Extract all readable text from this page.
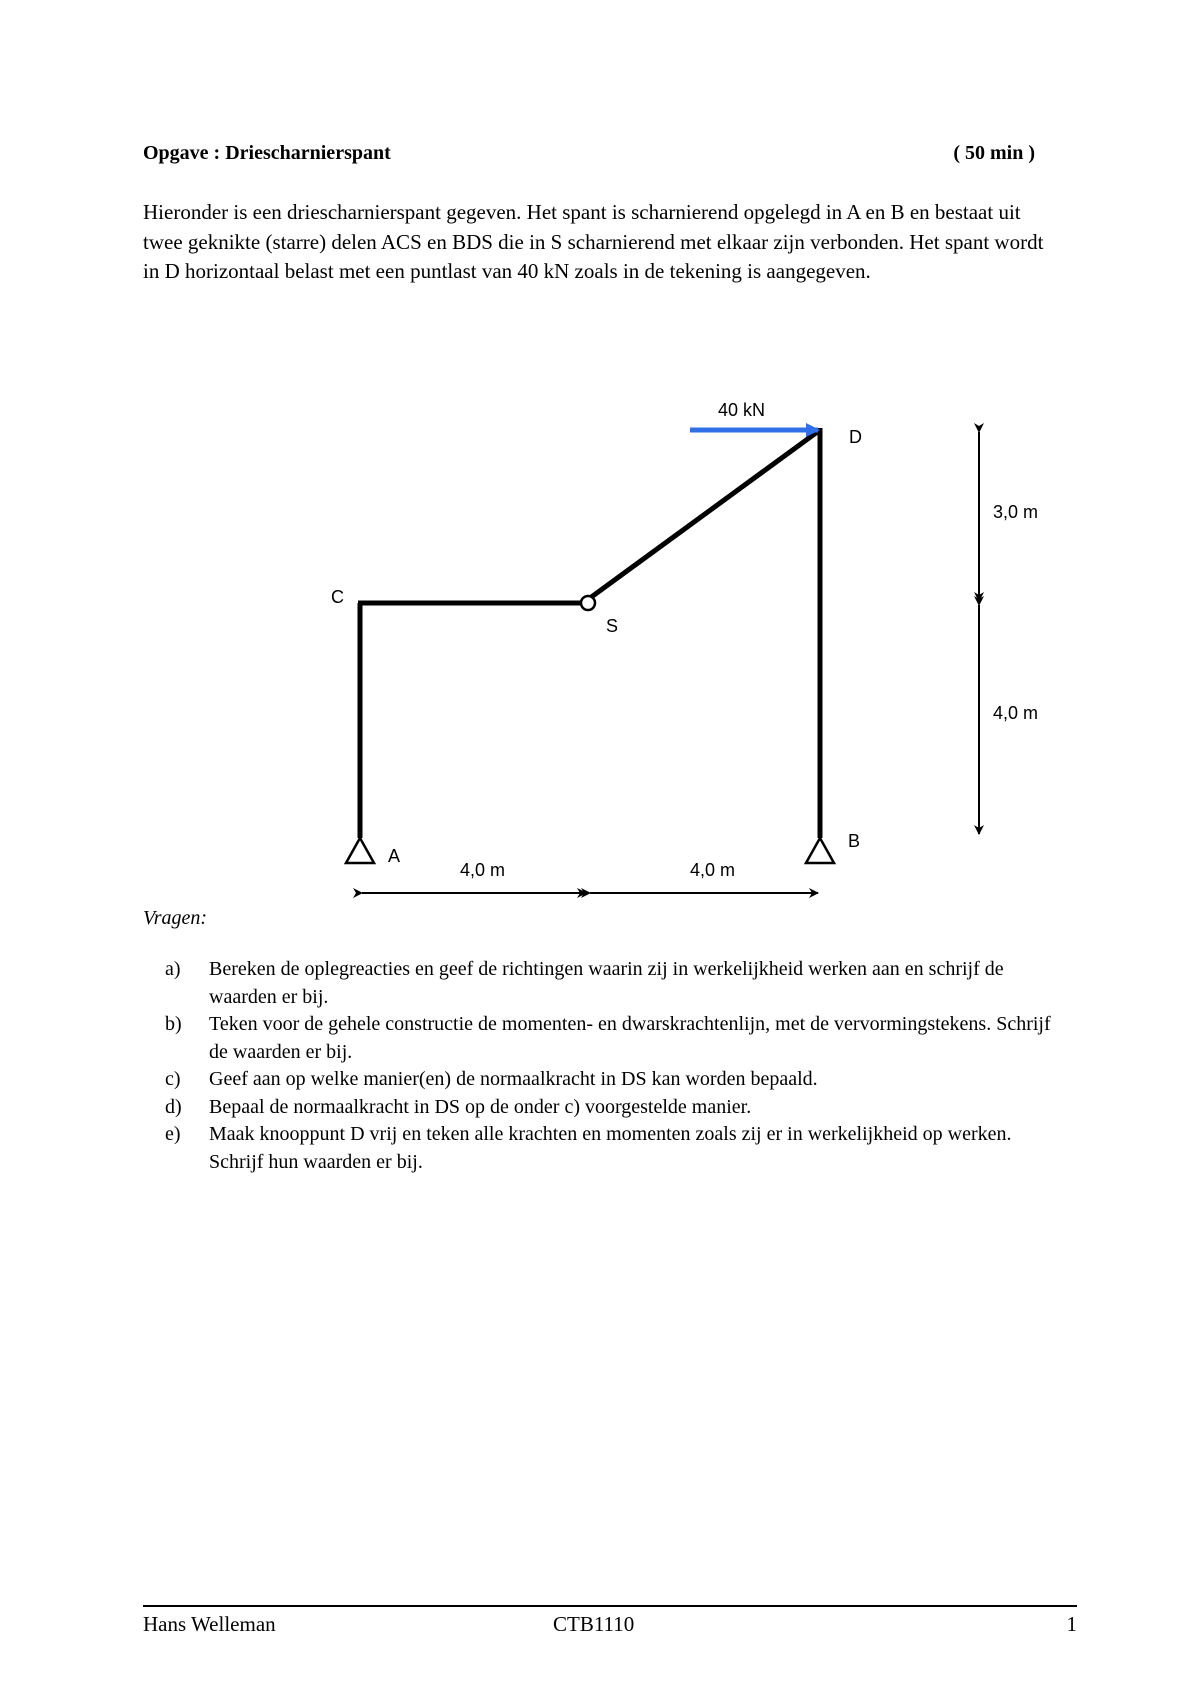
Opgave : Driescharnierspant	( 50 min )
Hieronder is een driescharnierspant gegeven. Het spant is scharnierend opgelegd in A en B en bestaat uit twee geknikte (starre) delen ACS en BDS die in S scharnierend met elkaar zijn verbonden. Het spant wordt in D horizontaal belast met een puntlast van 40 kN zoals in de tekening is aangegeven.
40 kN
A
B
C
D
S
4,0 m	4,0 m
3,0 m
4,0 m
Vragen:
a)	Bereken de oplegreacties en geef de richtingen waarin zij in werkelijkheid werken aan en schrijf de waarden er bij.
b)	Teken voor de gehele constructie de momenten- en dwarskrachtenlijn, met de vervormingstekens. Schrijf de waarden er bij.
c)	Geef aan op welke manier(en) de normaalkracht in DS kan worden bepaald.
d)	Bepaal de normaalkracht in DS op de onder c) voorgestelde manier.
e)	Maak knooppunt D vrij en teken alle krachten en momenten zoals zij er in werkelijkheid op werken. Schrijf hun waarden er bij.
Hans Welleman	CTB1110	1
